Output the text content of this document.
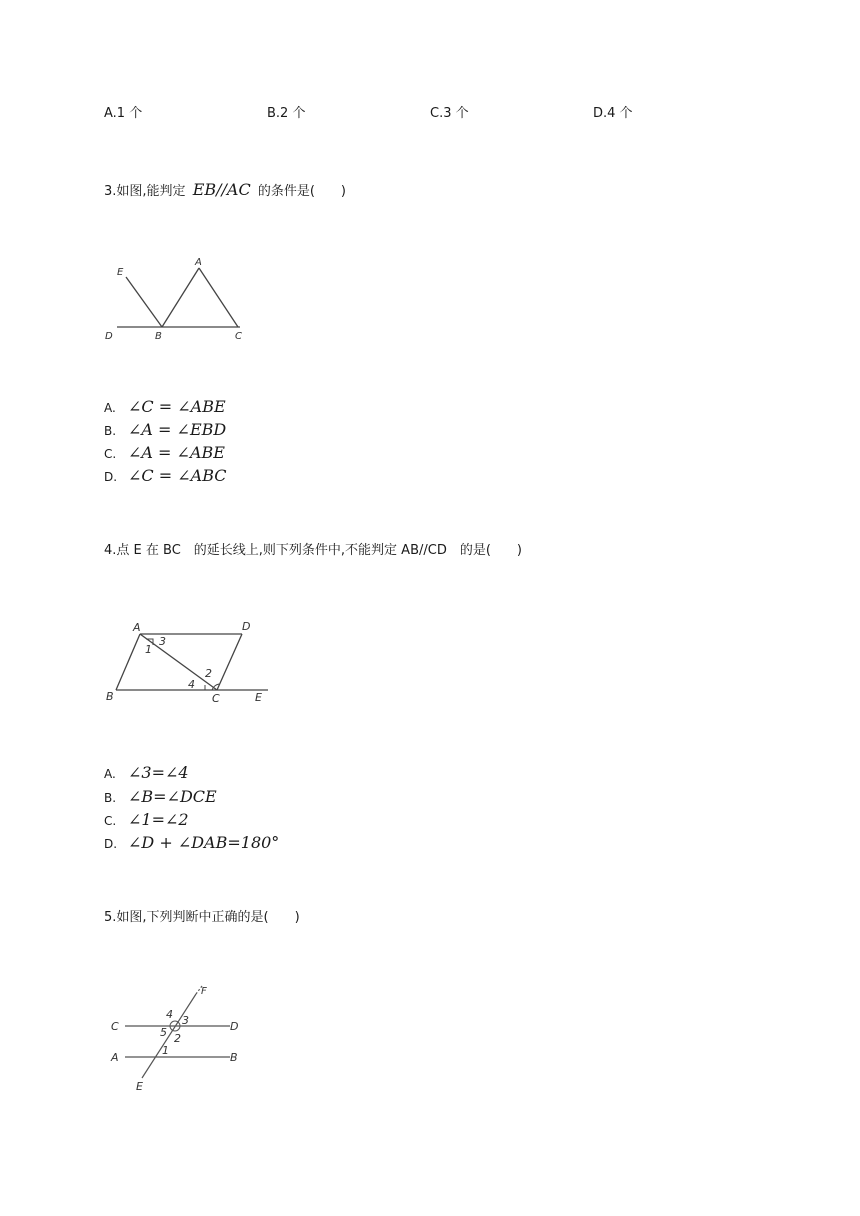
A.1 个	B.2 个	C.3 个	D.4 个
3.如图,能判定 EB//AC 的条件是(　　)
E
A
D	B	C
A. ∠C = ∠ABE
B. ∠A = ∠EBD
C. ∠A = ∠ABE
D. ∠C = ∠ABC
4.点 E 在 BC　的延长线上,则下列条件中,不能判定 AB//CD　的是(　　)
A	D
B	C	E
1
2
3
4
A. ∠3=∠4
B. ∠B=∠DCE
C. ∠1=∠2
D. ∠D + ∠DAB=180°
5.如图,下列判断中正确的是(　　)
F
C	D
A	B
E
1
2
3
4
5
